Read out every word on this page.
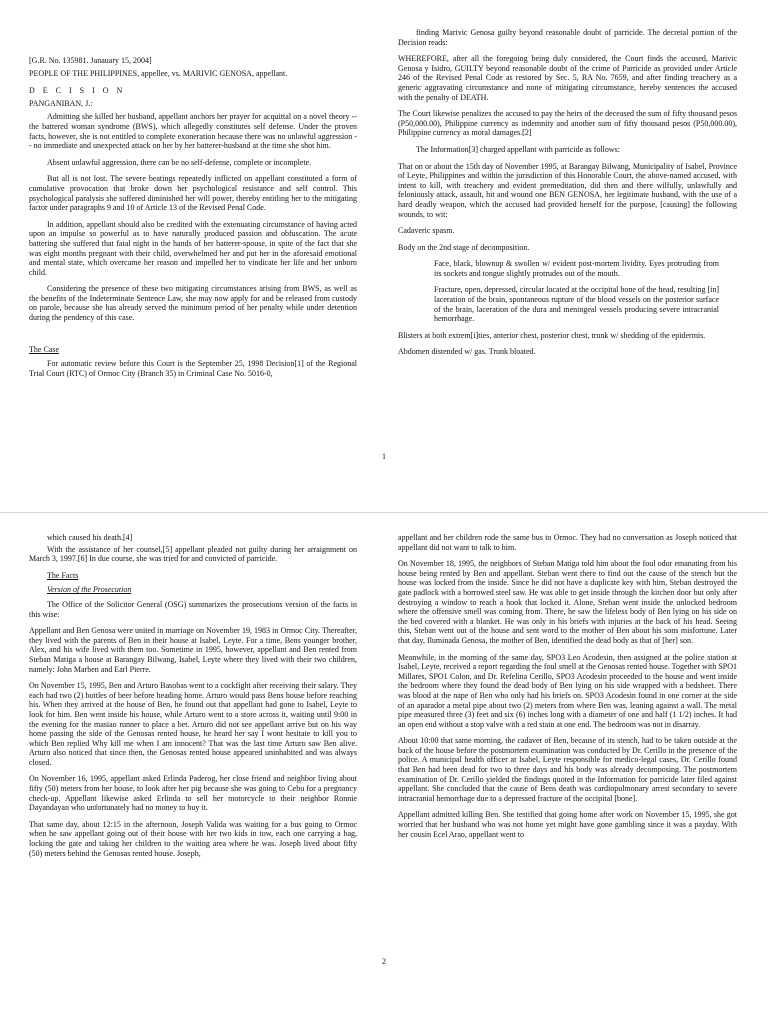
[G.R. No. 135981. Janauary 15, 2004]

PEOPLE OF THE PHILIPPINES, appellee, vs. MARIVIC GENOSA, appellant.

D E C I S I O N

PANGANIBAN, J.:

Admitting she killed her husband, appellant anchors her prayer for acquittal on a novel theory -- the battered woman syndrome (BWS), which allegedly constitutes self defense. Under the proven facts, however, she is not entitled to complete exoneration because there was no unlawful aggression -- no immediate and unexpected attack on her by her batterer-husband at the time she shot him.

Absent unlawful aggression, there can be no self-defense, complete or incomplete.

But all is not lost. The severe beatings repeatedly inflicted on appellant constituted a form of cumulative provocation that broke down her psychological resistance and self control. This psychological paralysis she suffered diminished her will power, thereby entitling her to the mitigating factor under paragraphs 9 and 10 of Article 13 of the Revised Penal Code.

In addition, appellant should also be credited with the extenuating circumstance of having acted upon an impulse so powerful as to have naturally produced passion and obfuscation. The acute battering she suffered that fatal night in the hands of her batterer-spouse, in spite of the fact that she was eight months pregnant with their child, overwhelmed her and put her in the aforesaid emotional and mental state, which overcame her reason and impelled her to vindicate her life and her unborn child.

Considering the presence of these two mitigating circumstances arising from BWS, as well as the benefits of the Indeterminate Sentence Law, she may now apply for and be released from custody on parole, because she has already served the minimum period of her penalty while under detention during the pendency of this case.

The Case

For automatic review before this Court is the September 25, 1998 Decision[1] of the Regional Trial Court (RTC) of Ormoc City (Branch 35) in Criminal Case No. 5016-0,

finding Marivic Genosa guilty beyond reasonable doubt of parricide. The decretal portion of the Decision reads:

WHEREFORE, after all the foregoing being duly considered, the Court finds the accused, Marivic Genosa y Isidro, GUILTY beyond reasonable doubt of the crime of Parricide as provided under Article 246 of the Revised Penal Code as restored by Sec. 5, RA No. 7659, and after finding treachery as a generic aggravating circumstance and none of mitigating circumstance, hereby sentences the accused with the penalty of DEATH.

The Court likewise penalizes the accused to pay the heirs of the deceased the sum of fifty thousand pesos (P50,000.00), Philippine currency as indemnity and another sum of fifty thousand pesos (P50,000.00), Philippine currency as moral damages.[2]

The Information[3] charged appellant with parricide as follows:

That on or about the 15th day of November 1995, at Barangay Bilwang, Municipality of Isabel, Province of Leyte, Philippines and within the jurisdiction of this Honorable Court, the above-named accused, with intent to kill, with treachery and evident premeditation, did then and there wilfully, unlawfully and feloniously attack, assault, hit and wound one BEN GENOSA, her legitimate husband, with the use of a hard deadly weapon, which the accused had provided herself for the purpose, [causing] the following wounds, to wit:

Cadaveric spasm.

Body on the 2nd stage of decomposition.

Face, black, blownup & swollen w/ evident post-mortem lividity. Eyes protruding from its sockets and tongue slightly protrudes out of the mouth.

Fracture, open, depressed, circular located at the occipital bone of the head, resulting [in] laceration of the brain, spontaneous rupture of the blood vessels on the posterior surface of the brain, laceration of the dura and meningeal vessels producing severe intracranial hemorrhage.

Blisters at both extrem[i]ties, anterior chest, posterior chest, trunk w/ shedding of the epidermis.

Abdomen distended w/ gas. Trunk bloated.

1

which caused his death.[4]

With the assistance of her counsel,[5] appellant pleaded not guilty during her arraignment on March 3, 1997.[6] In due course, she was tried for and convicted of parricide.

The Facts

Version of the Prosecution

The Office of the Solicitor General (OSG) summarizes the prosecutions version of the facts in this wise:

Appellant and Ben Genosa were united in marriage on November 19, 1983 in Ormoc City. Thereafter, they lived with the parents of Ben in their house at Isabel, Leyte. For a time, Bens younger brother, Alex, and his wife lived with them too. Sometime in 1995, however, appellant and Ben rented from Steban Matiga a house at Barangay Bilwang, Isabel, Leyte where they lived with their two children, namely: John Marben and Earl Pierre.

On November 15, 1995, Ben and Arturo Basobas went to a cockfight after receiving their salary. They each had two (2) bottles of beer before heading home. Arturo would pass Bens house before reaching his. When they arrived at the house of Ben, he found out that appellant had gone to Isabel, Leyte to look for him. Ben went inside his house, while Arturo went to a store across it, waiting until 9:00 in the evening for the masiao runner to place a bet. Arturo did not see appellant arrive but on his way home passing the side of the Genosas rented house, he heard her say I wont hesitate to kill you to which Ben replied Why kill me when I am innocent? That was the last time Arturo saw Ben alive. Arturo also noticed that since then, the Genosas rented house appeared uninhabited and was always closed.

On November 16, 1995, appellant asked Erlinda Paderog, her close friend and neighbor living about fifty (50) meters from her house, to look after her pig because she was going to Cebu for a pregnancy check-up. Appellant likewise asked Erlinda to sell her motorcycle to their neighbor Ronnie Dayandayan who unfortunately had no money to buy it.

That same day, about 12:15 in the afternoon, Joseph Valida was waiting for a bus going to Ormoc when he saw appellant going out of their house with her two kids in tow, each one carrying a bag, locking the gate and taking her children to the waiting area where he was. Joseph lived about fifty (50) meters behind the Genosas rented house. Joseph,

appellant and her children rode the same bus to Ormoc. They had no conversation as Joseph noticed that appellant did not want to talk to him.

On November 18, 1995, the neighbors of Steban Matiga told him about the foul odor emanating from his house being rented by Ben and appellant. Steban went there to find out the cause of the stench but the house was locked from the inside. Since he did not have a duplicate key with him, Steban destroyed the gate padlock with a borrowed steel saw. He was able to get inside through the kitchen door but only after destroying a window to reach a hook that locked it. Alone, Steban went inside the unlocked bedroom where the offensive smell was coming from. There, he saw the lifeless body of Ben lying on his side on the bed covered with a blanket. He was only in his briefs with injuries at the back of his head. Seeing this, Steban went out of the house and sent word to the mother of Ben about his sons misfortune. Later that day, Iluminada Genosa, the mother of Ben, identified the dead body as that of [her] son.

Meanwhile, in the morning of the same day, SPO3 Leo Acodesin, then assigned at the police station at Isabel, Leyte, received a report regarding the foul smell at the Genosas rented house. Together with SPO1 Millares, SPO1 Colon, and Dr. Refelina Cerillo, SPO3 Acodesin proceeded to the house and went inside the bedroom where they found the dead body of Ben lying on his side wrapped with a bedsheet. There was blood at the nape of Ben who only had his briefs on. SPO3 Acodesin found in one corner at the side of an aparador a metal pipe about two (2) meters from where Ben was, leaning against a wall. The metal pipe measured three (3) feet and six (6) inches long with a diameter of one and half (1 1/2) inches. It had an open end without a stop valve with a red stain at one end. The bedroom was not in disarray.

About 10:00 that same morning, the cadaver of Ben, because of its stench, had to be taken outside at the back of the house before the postmortem examination was conducted by Dr. Cerillo in the presence of the police. A municipal health officer at Isabel, Leyte responsible for medico-legal cases, Dr. Cerillo found that Ben had been dead for two to three days and his body was already decomposing. The postmortem examination of Dr. Cerillo yielded the findings quoted in the Information for parricide later filed against appellant. She concluded that the cause of Bens death was cardiopulmonary arrest secondary to severe intracranial hemorrhage due to a depressed fracture of the occipital [bone].

Appellant admitted killing Ben. She testified that going home after work on November 15, 1995, she got worried that her husband who was not home yet might have gone gambling since it was a payday. With her cousin Ecel Arao, appellant went to

2
